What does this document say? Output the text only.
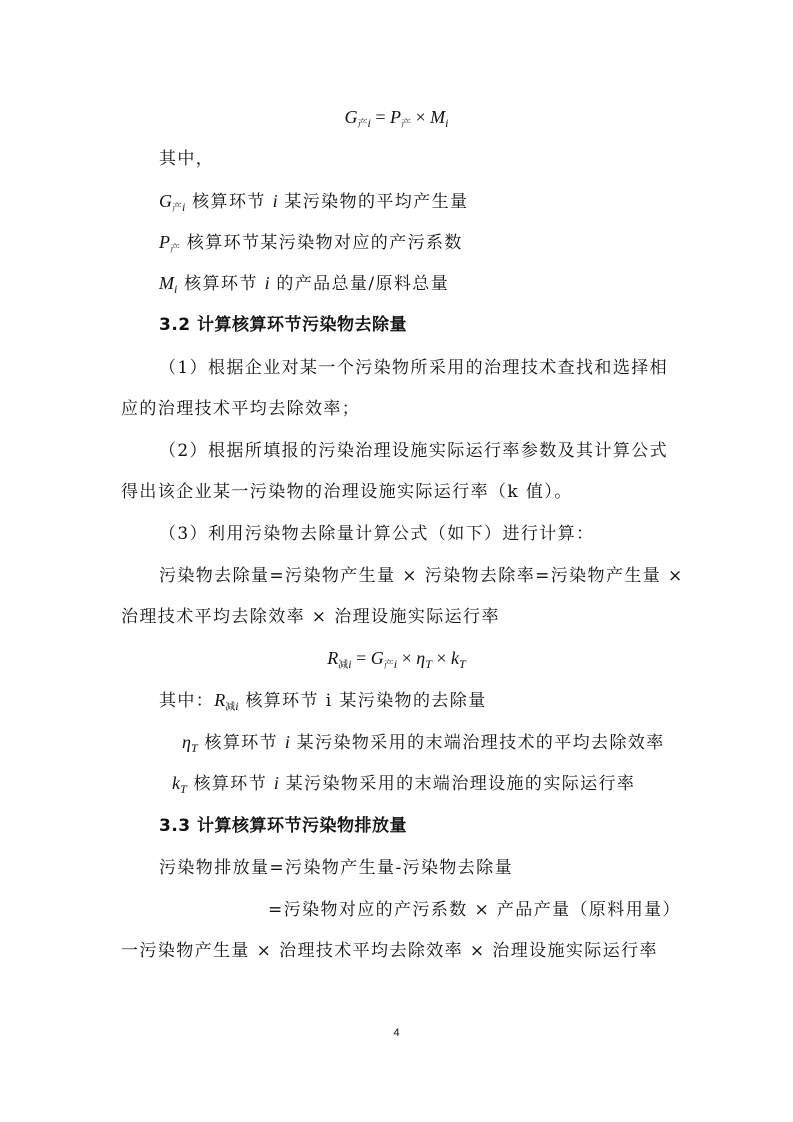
$G_{产i} = P_产 \times M_i$
其中，
$G_{产i}$ 核算环节 i 某污染物的平均产生量
$P_产$ 核算环节某污染物对应的产污系数
$M_i$ 核算环节 i 的产品总量/原料总量
3.2 计算核算环节污染物去除量
（1）根据企业对某一个污染物所采用的治理技术查找和选择相
应的治理技术平均去除效率；
（2）根据所填报的污染治理设施实际运行率参数及其计算公式
得出该企业某一污染物的治理设施实际运行率（k 值）。
（3）利用污染物去除量计算公式（如下）进行计算：
污染物去除量=污染物产生量 × 污染物去除率=污染物产生量 ×
治理技术平均去除效率 × 治理设施实际运行率
$R_{减i} = G_{产i} \times \eta_T \times k_T$
其中：$R_{减i}$ 核算环节 i 某污染物的去除量
$\eta_T$ 核算环节 i 某污染物采用的末端治理技术的平均去除效率
$k_T$ 核算环节 i 某污染物采用的末端治理设施的实际运行率
3.3 计算核算环节污染物排放量
污染物排放量=污染物产生量-污染物去除量
=污染物对应的产污系数 × 产品产量（原料用量）
一污染物产生量 × 治理技术平均去除效率 × 治理设施实际运行率
4
